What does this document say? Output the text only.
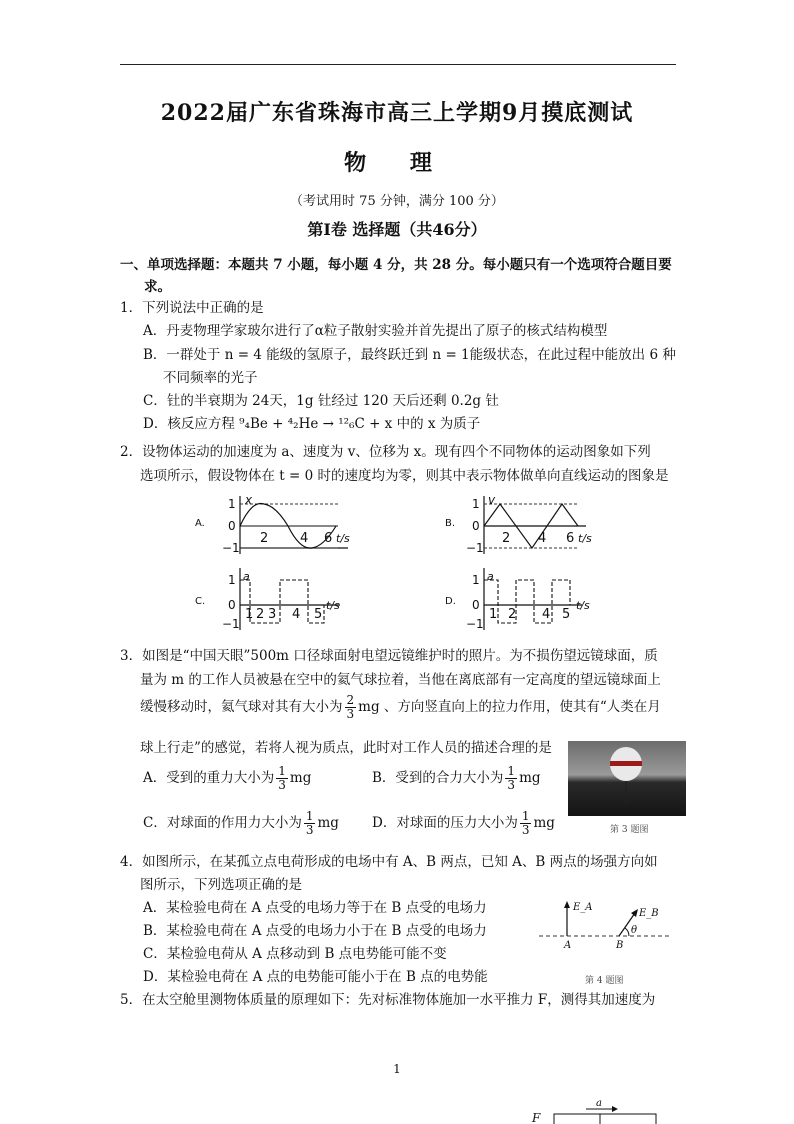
2022届广东省珠海市高三上学期9月摸底测试
物 理
（考试用时 75 分钟，满分 100 分）
第Ⅰ卷 选择题（共46分）
一、单项选择题：本题共 7 小题，每小题 4 分，共 28 分。每小题只有一个选项符合题目要
求。
1．下列说法中正确的是
A．丹麦物理学家玻尔进行了α粒子散射实验并首先提出了原子的核式结构模型
B．一群处于 n = 4 能级的氢原子，最终跃迁到 n = 1能级状态，在此过程中能放出 6 种
不同频率的光子
C．钍的半衰期为 24天，1g 钍经过 120 天后还剩 0.2g 钍
D．核反应方程 ⁹₄Be + ⁴₂He → ¹²₆C + x 中的 x 为质子
2．设物体运动的加速度为 a、速度为 v、位移为 x。现有四个不同物体的运动图象如下列
选项所示，假设物体在 t = 0 时的速度均为零，则其中表示物体做单向直线运动的图象是
A.
x
1
0
−1
2 4 6 t/s
B.
v
1
0
−1
2 4 6 t/s
C.
a
1
0
−1
1 2 3 4 5
t/s	D.
a
1
0
−1
1 2 4 5
t/s
3．如图是“中国天眼”500m 口径球面射电望远镜维护时的照片。为不损伤望远镜球面，质
量为 m 的工作人员被悬在空中的氦气球拉着，当他在离底部有一定高度的望远镜球面上
缓慢移动时，氦气球对其有大小为 $\frac{2}{3}$ mg 、方向竖直向上的拉力作用，使其有“人类在月
球上行走”的感觉，若将人视为质点，此时对工作人员的描述合理的是
第 3 题图
A．受到的重力大小为 $\frac{1}{3}$ mg	B．受到的合力大小为 $\frac{1}{3}$ mg
C．对球面的作用力大小为 $\frac{1}{3}$ mg D．对球面的压力大小为 $\frac{1}{3}$ mg
4．如图所示，在某孤立点电荷形成的电场中有 A、B 两点，已知 A、B 两点的场强方向如
图所示，下列选项正确的是
A．某检验电荷在 A 点受的电场力等于在 B 点受的电场力
B．某检验电荷在 A 点受的电场力小于在 B 点受的电场力
C．某检验电荷从 A 点移动到 B 点电势能可能不变
D．某检验电荷在 A 点的电势能可能小于在 B 点的电势能
E_A
E_B
θ
A	B
第 4 题图
5．在太空舱里测物体质量的原理如下：先对标准物体施加一水平推力 F，测得其加速度为
1
F
a
